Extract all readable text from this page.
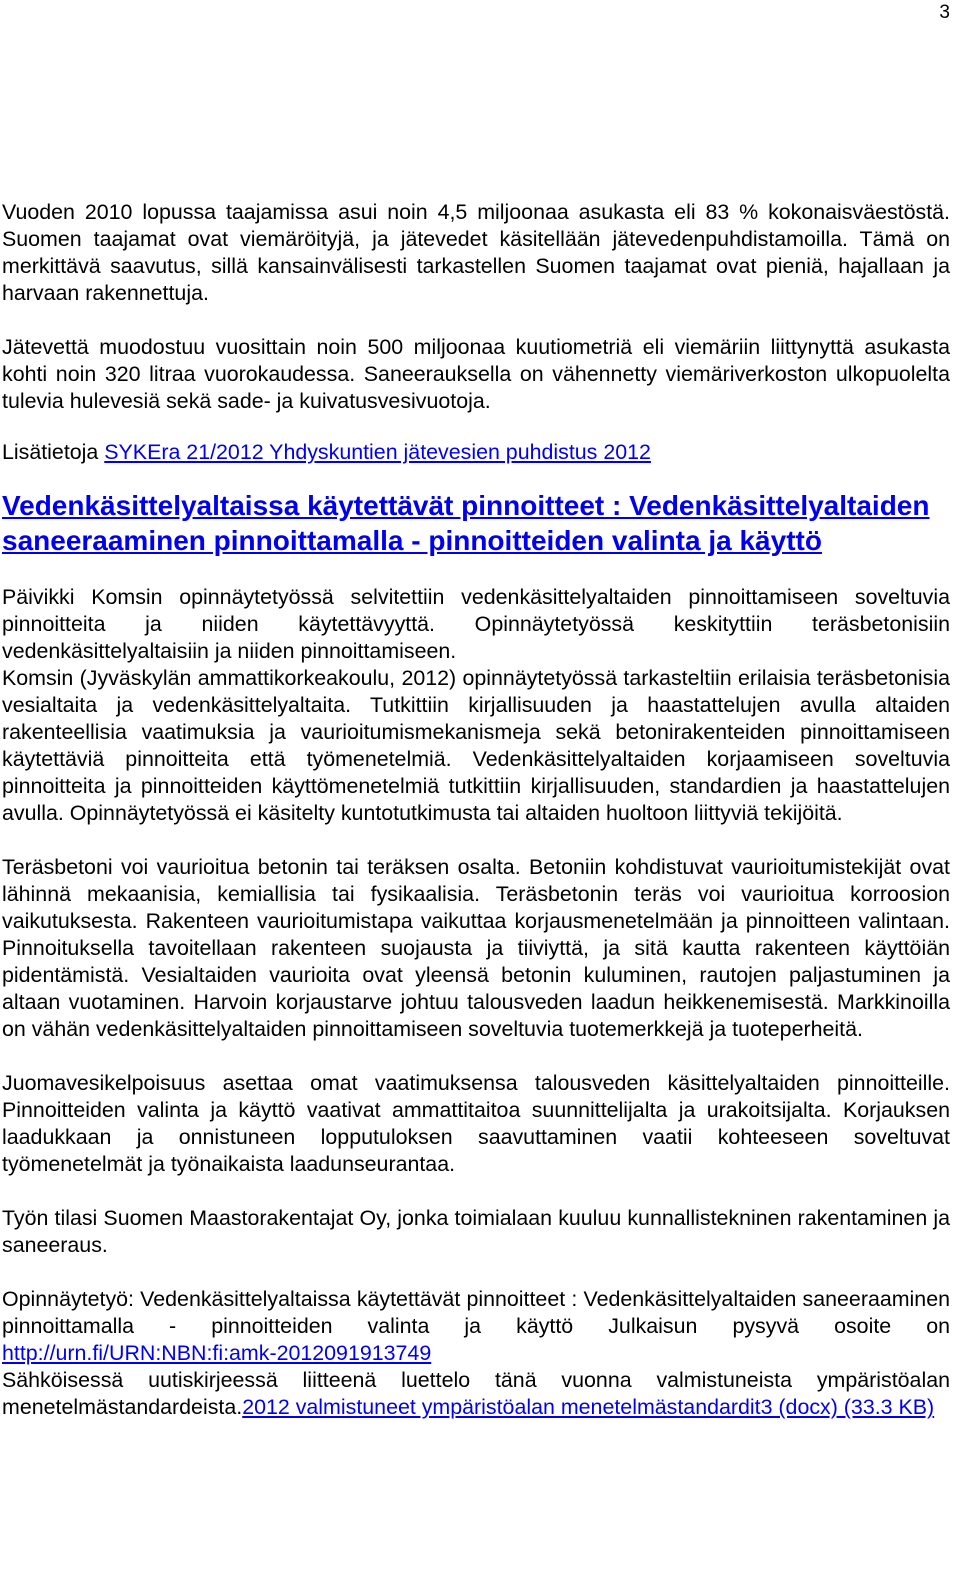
3

Vuoden 2010 lopussa taajamissa asui noin 4,5 miljoonaa asukasta eli 83 % kokonaisväestöstä. Suomen taajamat ovat viemäröityjä, ja jätevedet käsitellään jätevedenpuhdistamoilla. Tämä on merkittävä saavutus, sillä kansainvälisesti tarkastellen Suomen taajamat ovat pieniä, hajallaan ja harvaan rakennettuja.

Jätevettä muodostuu vuosittain noin 500 miljoonaa kuutiometriä eli viemäriin liittynyttä asukasta kohti noin 320 litraa vuorokaudessa. Saneerauksella on vähennetty viemäriverkoston ulkopuolelta tulevia hulevesiä sekä sade- ja kuivatusvesivuotoja.

Lisätietoja SYKEra 21/2012 Yhdyskuntien jätevesien puhdistus 2012

Vedenkäsittelyaltaissa käytettävät pinnoitteet : Vedenkäsittelyaltaiden saneeraaminen pinnoittamalla - pinnoitteiden valinta ja käyttö

Päivikki Komsin opinnäytetyössä selvitettiin vedenkäsittelyaltaiden pinnoittamiseen soveltuvia pinnoitteita ja niiden käytettävyyttä. Opinnäytetyössä keskityttiin teräsbetonisiin vedenkäsittelyaltaisiin ja niiden pinnoittamiseen.

Komsin (Jyväskylän ammattikorkeakoulu, 2012) opinnäytetyössä tarkasteltiin erilaisia teräsbetonisia vesialtaita ja vedenkäsittelyaltaita. Tutkittiin kirjallisuuden ja haastattelujen avulla altaiden rakenteellisia vaatimuksia ja vaurioitumismekanismeja sekä betonirakenteiden pinnoittamiseen käytettäviä pinnoitteita että työmenetelmiä. Vedenkäsittelyaltaiden korjaamiseen soveltuvia pinnoitteita ja pinnoitteiden käyttömenetelmiä tutkittiin kirjallisuuden, standardien ja haastattelujen avulla. Opinnäytetyössä ei käsitelty kuntotutkimusta tai altaiden huoltoon liittyviä tekijöitä.

Teräsbetoni voi vaurioitua betonin tai teräksen osalta. Betoniin kohdistuvat vaurioitumistekijät ovat lähinnä mekaanisia, kemiallisia tai fysikaalisia. Teräsbetonin teräs voi vaurioitua korroosion vaikutuksesta. Rakenteen vaurioitumistapa vaikuttaa korjausmenetelmään ja pinnoitteen valintaan. Pinnoituksella tavoitellaan rakenteen suojausta ja tiiviyttä, ja sitä kautta rakenteen käyttöiän pidentämistä. Vesialtaiden vaurioita ovat yleensä betonin kuluminen, rautojen paljastuminen ja altaan vuotaminen. Harvoin korjaustarve johtuu talousveden laadun heikkenemisestä. Markkinoilla on vähän vedenkäsittelyaltaiden pinnoittamiseen soveltuvia tuotemerkkejä ja tuoteperheitä.

Juomavesikelpoisuus asettaa omat vaatimuksensa talousveden käsittelyaltaiden pinnoitteille. Pinnoitteiden valinta ja käyttö vaativat ammattitaitoa suunnittelijalta ja urakoitsijalta. Korjauksen laadukkaan ja onnistuneen lopputuloksen saavuttaminen vaatii kohteeseen soveltuvat työmenetelmät ja työnaikaista laadunseurantaa.

Työn tilasi Suomen Maastorakentajat Oy, jonka toimialaan kuuluu kunnallistekninen rakentaminen ja saneeraus.

Opinnäytetyö: Vedenkäsittelyaltaissa käytettävät pinnoitteet : Vedenkäsittelyaltaiden saneeraaminen pinnoittamalla - pinnoitteiden valinta ja käyttö Julkaisun pysyvä osoite on http://urn.fi/URN:NBN:fi:amk-2012091913749

Sähköisessä uutiskirjeessä liitteenä luettelo tänä vuonna valmistuneista ympäristöalan menetelmästandardeista.2012 valmistuneet ympäristöalan menetelmästandardit3 (docx) (33.3 KB)
